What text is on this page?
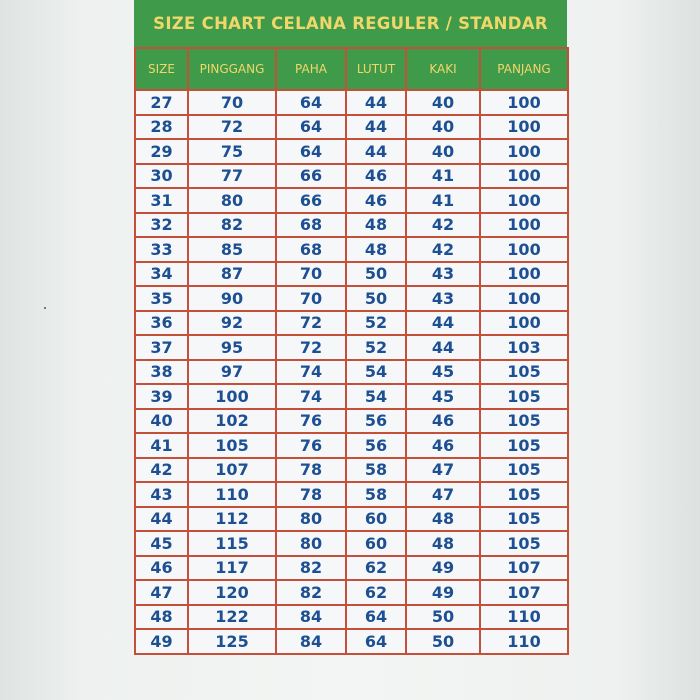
SIZE CHART CELANA REGULER / STANDAR
SIZE	PINGGANG	PAHA	LUTUT	KAKI	PANJANG
27	70	64	44	40	100
28	72	64	44	40	100
29	75	64	44	40	100
30	77	66	46	41	100
31	80	66	46	41	100
32	82	68	48	42	100
33	85	68	48	42	100
34	87	70	50	43	100
35	90	70	50	43	100
36	92	72	52	44	100
37	95	72	52	44	103
38	97	74	54	45	105
39	100	74	54	45	105
40	102	76	56	46	105
41	105	76	56	46	105
42	107	78	58	47	105
43	110	78	58	47	105
44	112	80	60	48	105
45	115	80	60	48	105
46	117	82	62	49	107
47	120	82	62	49	107
48	122	84	64	50	110
49	125	84	64	50	110
